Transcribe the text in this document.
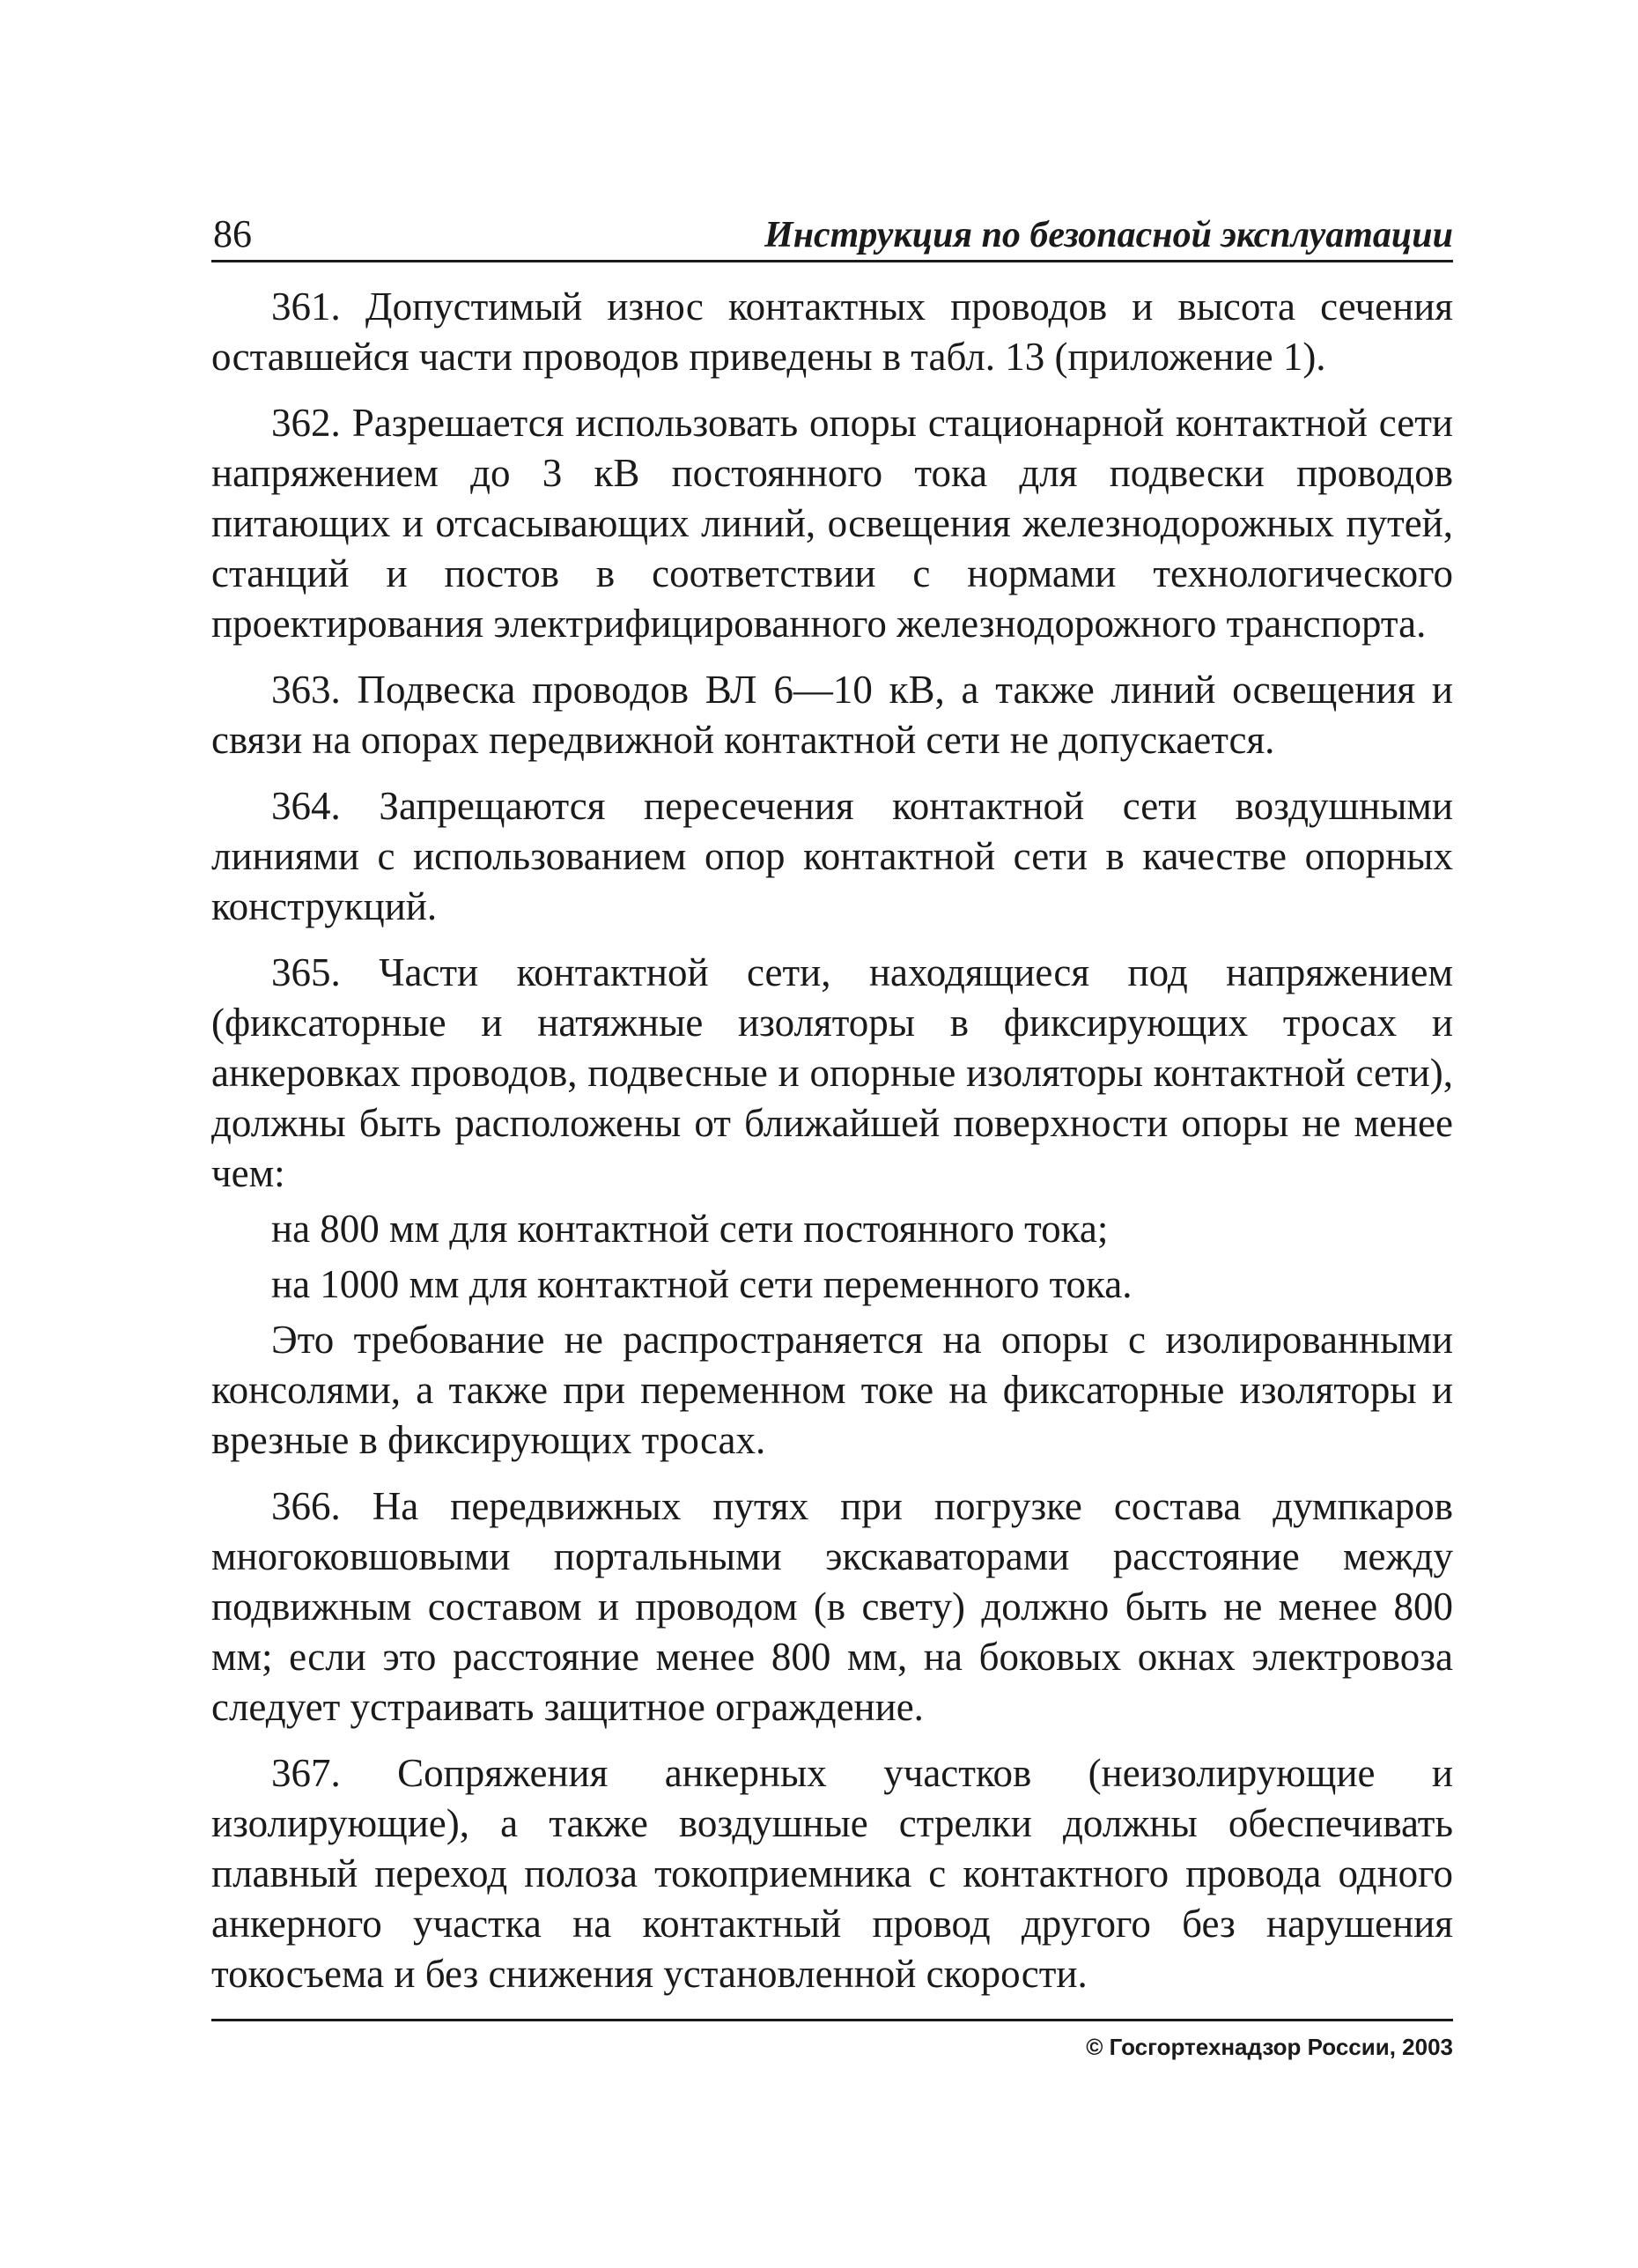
86	Инструкция по безопасной эксплуатации

361. Допустимый износ контактных проводов и высота сечения оставшейся части проводов приведены в табл. 13 (приложение 1).

362. Разрешается использовать опоры стационарной контактной сети напряжением до 3 кВ постоянного тока для подвески проводов питающих и отсасывающих линий, освещения железнодорожных путей, станций и постов в соответствии с нормами технологического проектирования электрифицированного железнодорожного транспорта.

363. Подвеска проводов ВЛ 6—10 кВ, а также линий освещения и связи на опорах передвижной контактной сети не допускается.

364. Запрещаются пересечения контактной сети воздушными линиями с использованием опор контактной сети в качестве опорных конструкций.

365. Части контактной сети, находящиеся под напряжением (фиксаторные и натяжные изоляторы в фиксирующих тросах и анкеровках проводов, подвесные и опорные изоляторы контактной сети), должны быть расположены от ближайшей поверхности опоры не менее чем:

на 800 мм для контактной сети постоянного тока;

на 1000 мм для контактной сети переменного тока.

Это требование не распространяется на опоры с изолированными консолями, а также при переменном токе на фиксаторные изоляторы и врезные в фиксирующих тросах.

366. На передвижных путях при погрузке состава думпкаров многоковшовыми портальными экскаваторами расстояние между подвижным составом и проводом (в свету) должно быть не менее 800 мм; если это расстояние менее 800 мм, на боковых окнах электровоза следует устраивать защитное ограждение.

367. Сопряжения анкерных участков (неизолирующие и изолирующие), а также воздушные стрелки должны обеспечивать плавный переход полоза токоприемника с контактного провода одного анкерного участка на контактный провод другого без нарушения токосъема и без снижения установленной скорости.

© Госгортехнадзор России, 2003
